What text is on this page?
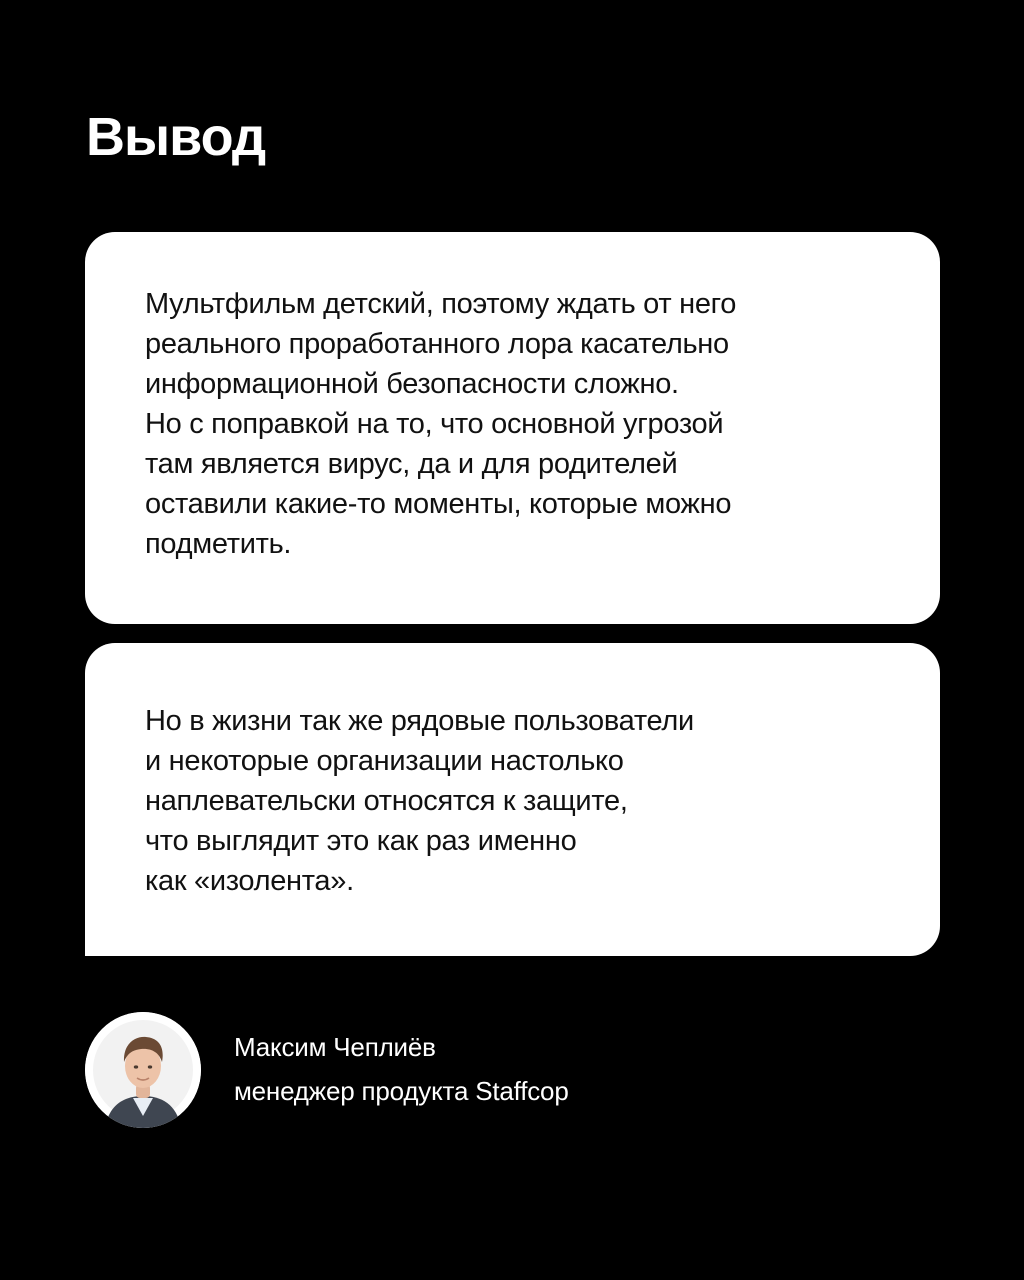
Вывод
Мультфильм детский, поэтому ждать от него
реального проработанного лора касательно
информационной безопасности сложно.
Но с поправкой на то, что основной угрозой
там является вирус, да и для родителей
оставили какие-то моменты, которые можно
подметить.
Но в жизни так же рядовые пользователи
и некоторые организации настолько
наплевательски относятся к защите,
что выглядит это как раз именно
как «изолента».
Максим Чеплиёв
менеджер продукта Staffcop
